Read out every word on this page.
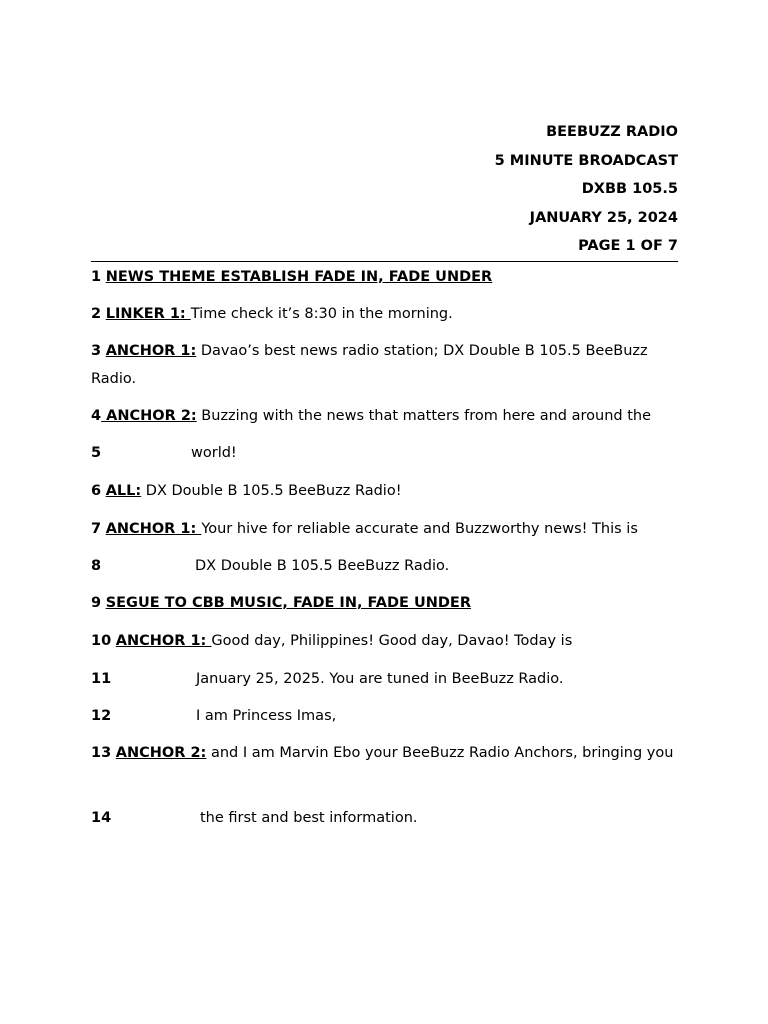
BEEBUZZ RADIO
5 MINUTE BROADCAST
DXBB 105.5
JANUARY 25, 2024
PAGE 1 OF 7
1 NEWS THEME ESTABLISH FADE IN, FADE UNDER
2 LINKER 1: Time check it’s 8:30 in the morning.
3 ANCHOR 1: Davao’s best news radio station; DX Double B 105.5 BeeBuzz Radio.
4 ANCHOR 2: Buzzing with the news that matters from here and around the
5	world!
6 ALL: DX Double B 105.5 BeeBuzz Radio!
7 ANCHOR 1: Your hive for reliable accurate and Buzzworthy news! This is
8	DX Double B 105.5 BeeBuzz Radio.
9 SEGUE TO CBB MUSIC, FADE IN, FADE UNDER
10 ANCHOR 1: Good day, Philippines! Good day, Davao! Today is
11	January 25, 2025. You are tuned in BeeBuzz Radio.
12	I am Princess Imas,
13 ANCHOR 2: and I am Marvin Ebo your BeeBuzz Radio Anchors, bringing you
14	the first and best information.
